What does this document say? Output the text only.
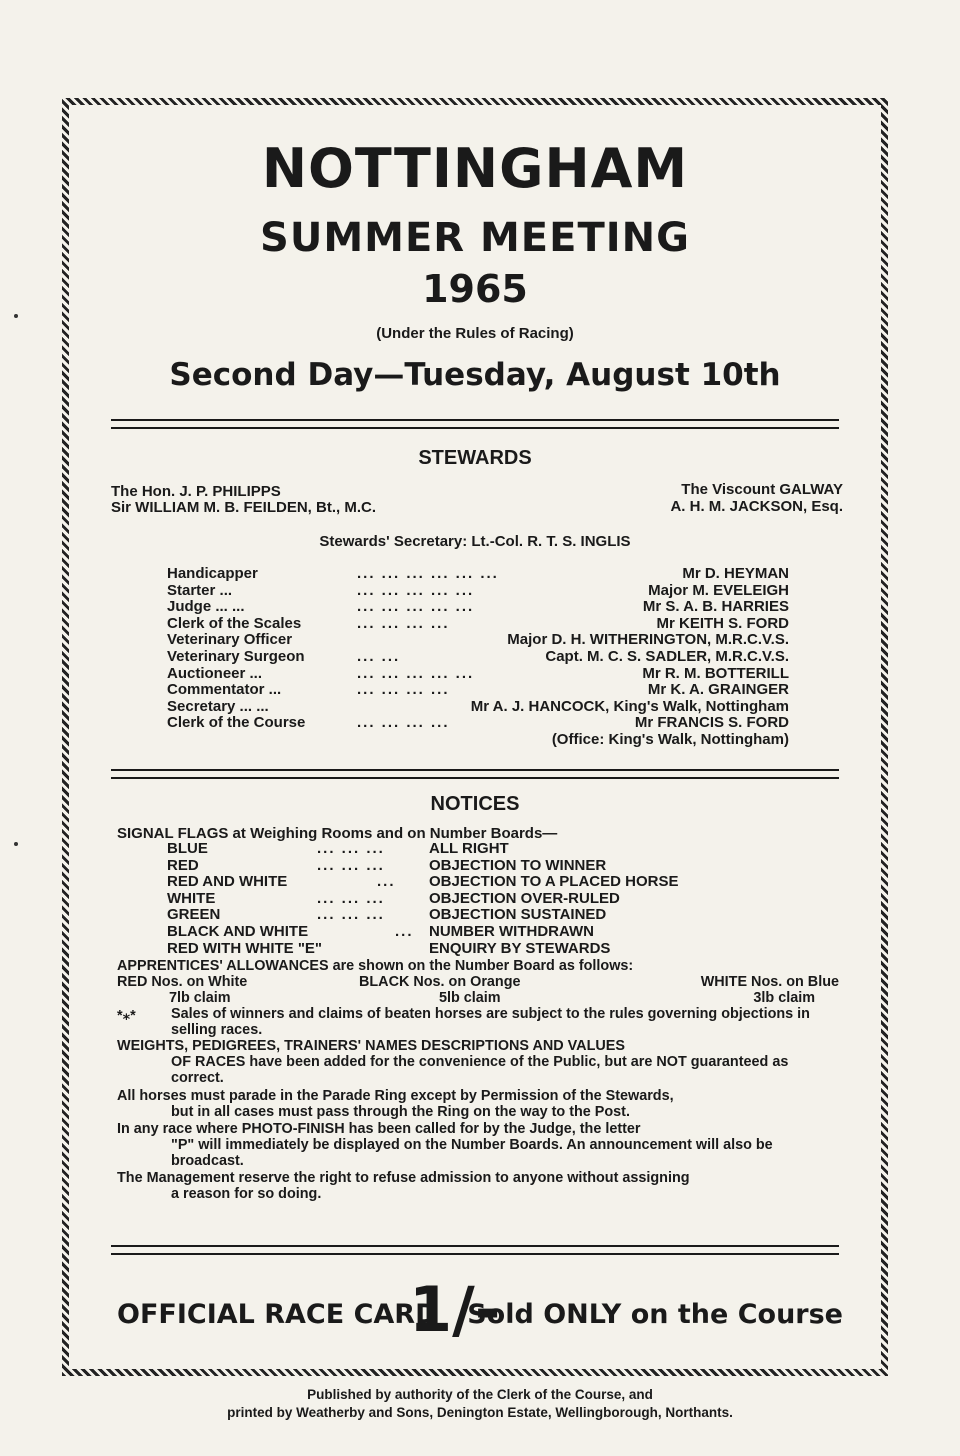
NOTTINGHAM
SUMMER MEETING
1965
(Under the Rules of Racing)
Second Day—Tuesday, August 10th
STEWARDS
The Hon. J. P. PHILIPPS
Sir WILLIAM M. B. FEILDEN, Bt., M.C.
The Viscount GALWAY
A. H. M. JACKSON, Esq.
Stewards' Secretary: Lt.-Col. R. T. S. INGLIS
Handicapper	... ... ... ... ... ...	Mr D. HEYMAN
Starter ...	... ... ... ... ...	Major M. EVELEIGH
Judge ... ...	... ... ... ... ...	Mr S. A. B. HARRIES
Clerk of the Scales	... ... ... ...	Mr KEITH S. FORD
Veterinary Officer	Major D. H. WITHERINGTON, M.R.C.V.S.
Veterinary Surgeon	... ...	Capt. M. C. S. SADLER, M.R.C.V.S.
Auctioneer ...	... ... ... ... ...	Mr R. M. BOTTERILL
Commentator ...	... ... ... ...	Mr K. A. GRAINGER
Secretary ... ...	Mr A. J. HANCOCK, King's Walk, Nottingham
Clerk of the Course	... ... ... ...	Mr FRANCIS S. FORD
(Office: King's Walk, Nottingham)
NOTICES
SIGNAL FLAGS at Weighing Rooms and on Number Boards—
BLUE	... ... ...	ALL RIGHT
RED	... ... ...	OBJECTION TO WINNER
RED AND WHITE	... OBJECTION TO A PLACED HORSE
WHITE	... ... ...	OBJECTION OVER-RULED
GREEN	... ... ...	OBJECTION SUSTAINED
BLACK AND WHITE	... NUMBER WITHDRAWN
RED WITH WHITE "E"	ENQUIRY BY STEWARDS
APPRENTICES' ALLOWANCES are shown on the Number Board as follows:
RED Nos. on White	BLACK Nos. on Orange	WHITE Nos. on Blue
7lb claim	5lb claim	3lb claim
*⁎*	Sales of winners and claims of beaten horses are subject to the rules governing objections in selling races.
WEIGHTS, PEDIGREES, TRAINERS' NAMES DESCRIPTIONS AND VALUES
OF RACES have been added for the convenience of the Public, but are NOT guaranteed as correct.
All horses must parade in the Parade Ring except by Permission of the Stewards,
but in all cases must pass through the Ring on the way to the Post.
In any race where PHOTO-FINISH has been called for by the Judge, the letter
"P" will immediately be displayed on the Number Boards. An announcement will also be broadcast.
The Management reserve the right to refuse admission to anyone without assigning
a reason for so doing.
OFFICIAL RACE CARD
1/-
Sold ONLY on the Course
Published by authority of the Clerk of the Course, and
printed by Weatherby and Sons, Denington Estate, Wellingborough, Northants.
